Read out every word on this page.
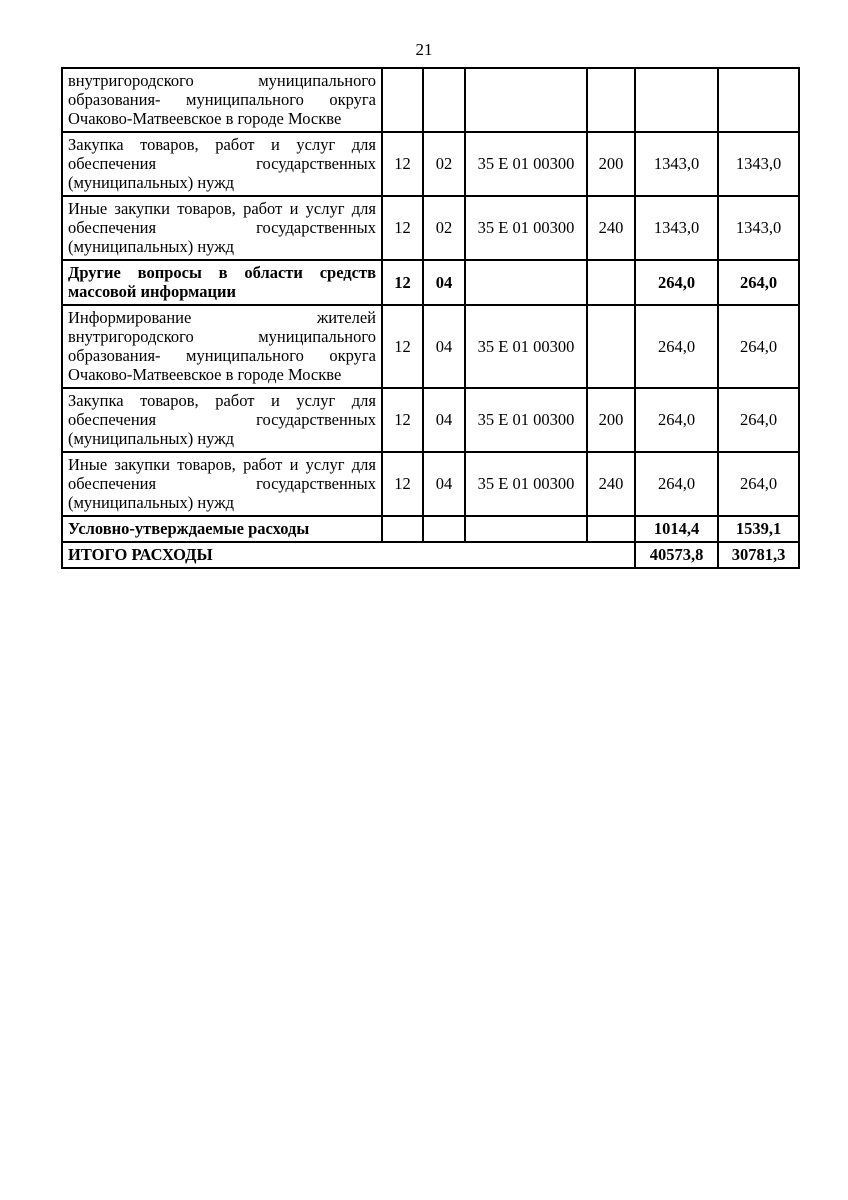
21
внутригородского муниципального образования- муниципального округа Очаково-Матвеевское в городе Москве						
Закупка товаров, работ и услуг для обеспечения государственных (муниципальных) нужд	12	02	35 Е 01 00300	200	1343,0	1343,0
Иные закупки товаров, работ и услуг для обеспечения государственных (муниципальных) нужд	12	02	35 Е 01 00300	240	1343,0	1343,0
Другие вопросы в области средств массовой информации	12	04			264,0	264,0
Информирование жителей внутригородского муниципального образования- муниципального округа Очаково-Матвеевское в городе Москве	12	04	35 Е 01 00300		264,0	264,0
Закупка товаров, работ и услуг для обеспечения государственных (муниципальных) нужд	12	04	35 Е 01 00300	200	264,0	264,0
Иные закупки товаров, работ и услуг для обеспечения государственных (муниципальных) нужд	12	04	35 Е 01 00300	240	264,0	264,0
Условно-утверждаемые расходы					1014,4	1539,1
ИТОГО РАСХОДЫ					40573,8	30781,3
